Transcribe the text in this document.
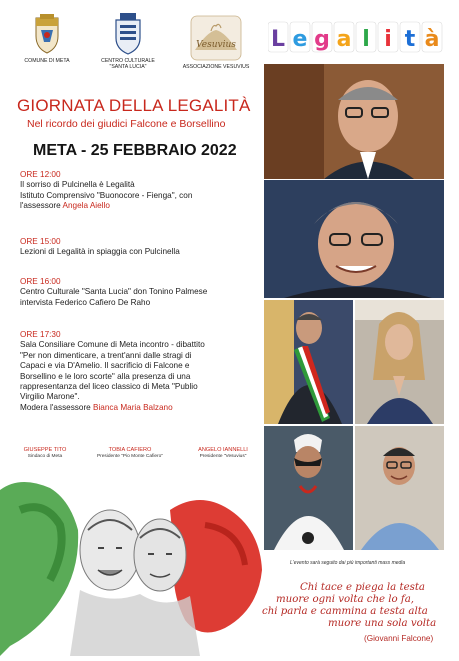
COMUNE DI META	CENTRO CULTURALE
"SANTA LUCIA"
Vesuvius
ASSOCIAZIONE VESUVIUS
L e g a l i t à
GIORNATA DELLA LEGALITÀ
Nel ricordo dei giudici Falcone e Borsellino
META - 25 FEBBRAIO 2022
ORE 12:00
Il sorriso di Pulcinella è Legalità
Istituto Comprensivo "Buonocore - Fienga", con
l'assessore Angela Aiello
ORE 15:00
Lezioni di Legalità in spiaggia con Pulcinella
ORE 16:00
Centro Culturale "Santa Lucia" don Tonino Palmese
intervista Federico Cafiero De Raho
ORE 17:30
Sala Consiliare Comune di Meta incontro - dibattito
"Per non dimenticare, a trent'anni dalle stragi di
Capaci e via D'Amelio. Il sacrificio di Falcone e
Borsellino e le loro scorte" alla presenza di una
rappresentanza del liceo classico di Meta "Publio
Virgilio Marone".
Modera l'assessore Bianca Maria Balzano
GIUSEPPE TITO
Sindaco di Meta
TOBIA CAFIERO
Presidente "Pio Monte Cafiero"
ANGELO IANNELLI
Presidente "Vesuvius"
L'evento sarà seguito dai più importanti mass media
Chi tace e piega la testa
muore ogni volta che lo fa,
chi parla e cammina a testa alta
muore una sola volta
(Giovanni Falcone)
